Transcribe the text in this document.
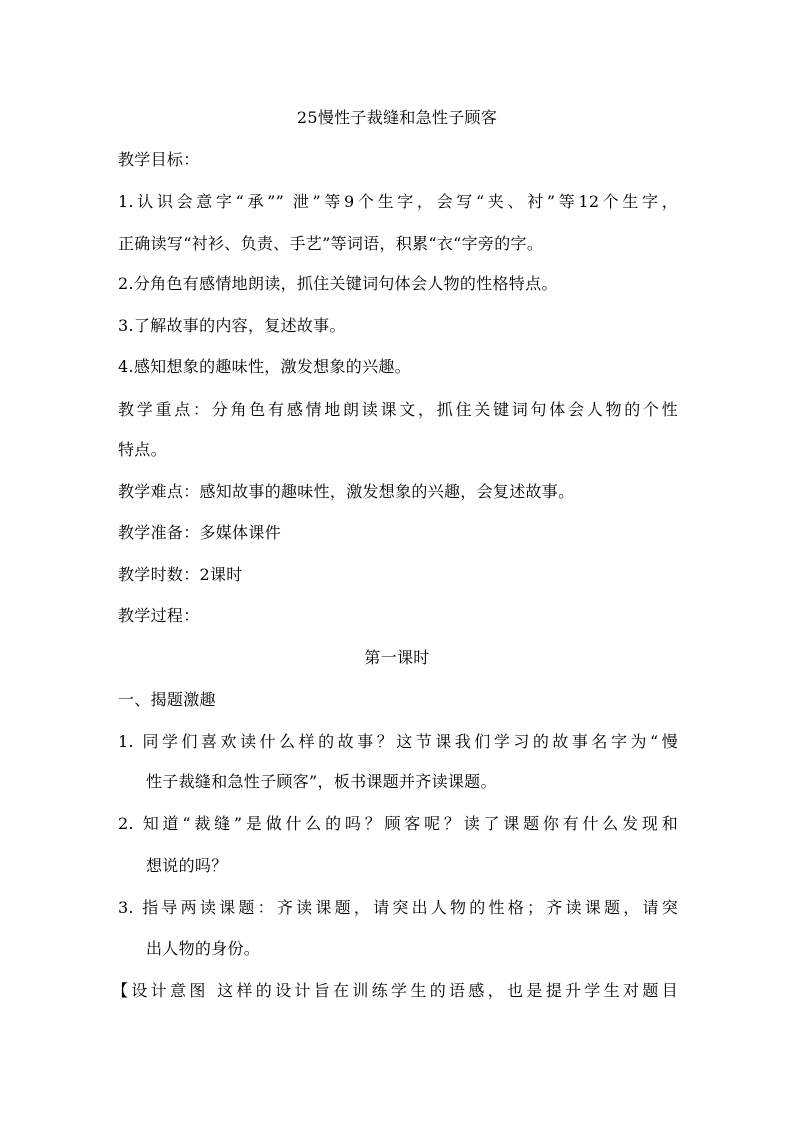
25慢性子裁缝和急性子顾客
教学目标：
1.认识会意字“承”” 泄”等9个生字，会写“夹、衬”等12个生字，
正确读写“衬衫、负责、手艺”等词语，积累“衣“字旁的字。
2.分角色有感情地朗读，抓住关键词句体会人物的性格特点。
3.了解故事的内容，复述故事。
4.感知想象的趣味性，激发想象的兴趣。
教学重点：分角色有感情地朗读课文，抓住关键词句体会人物的个性
特点。
教学难点：感知故事的趣味性，激发想象的兴趣，会复述故事。
教学准备：多媒体课件
教学时数：2课时
教学过程：
第一课时
一、揭题激趣
1. 同学们喜欢读什么样的故事？这节课我们学习的故事名字为“慢
性子裁缝和急性子顾客”，板书课题并齐读课题。
2. 知道“裁缝”是做什么的吗？顾客呢？读了课题你有什么发现和
想说的吗？
3. 指导两读课题：齐读课题，请突出人物的性格；齐读课题，请突
出人物的身份。
【设计意图 这样的设计旨在训练学生的语感，也是提升学生对题目
